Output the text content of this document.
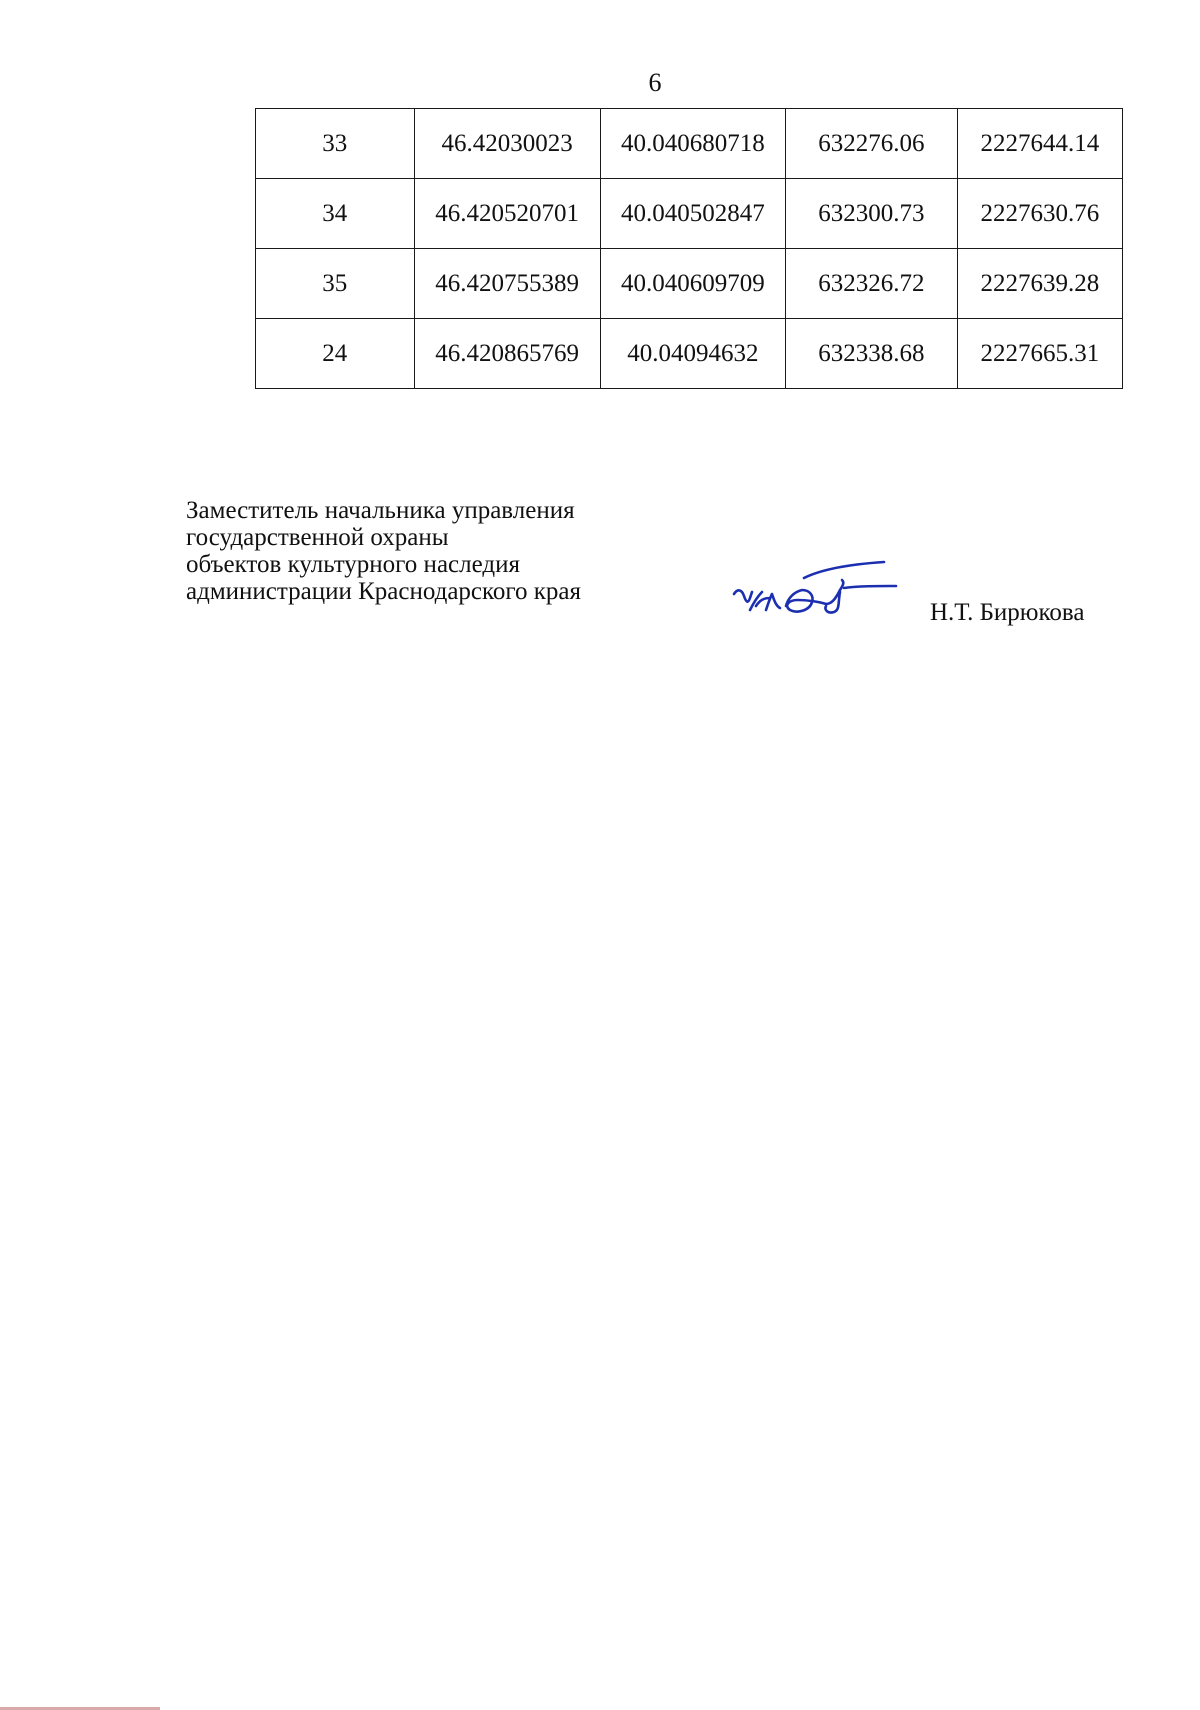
6
33	46.42030023	40.040680718	632276.06	2227644.14
34	46.420520701	40.040502847	632300.73	2227630.76
35	46.420755389	40.040609709	632326.72	2227639.28
24	46.420865769	40.04094632	632338.68	2227665.31
Заместитель начальника управления
государственной охраны
объектов культурного наследия
администрации Краснодарского края
Н.Т. Бирюкова
